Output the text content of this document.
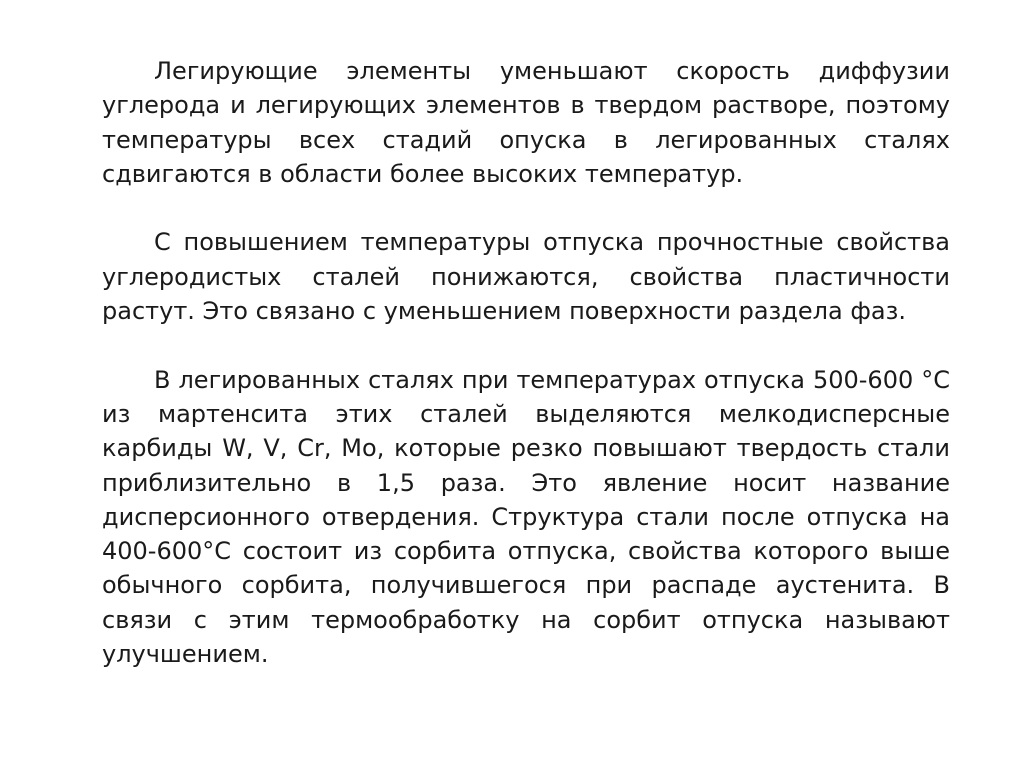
Легирующие элементы уменьшают скорость диффузии углерода и легирующих элементов в твердом растворе, поэтому температуры всех стадий опуска в легированных сталях сдвигаются в области более высоких температур.

С повышением температуры отпуска прочностные свойства углеродистых сталей понижаются, свойства пластичности растут. Это связано с уменьшением поверхности раздела фаз.

В легированных сталях при температурах отпуска 500-600 °С из мартенсита этих сталей выделяются мелкодисперсные карбиды W, V, Cr, Mo, которые резко повышают твердость стали приблизительно в 1,5 раза. Это явление носит название дисперсионного отвердения. Структура стали после отпуска на 400-600°С состоит из сорбита отпуска, свойства которого выше обычного сорбита, получившегося при распаде аустенита. В связи с этим термообработку на сорбит отпуска называют улучшением.
